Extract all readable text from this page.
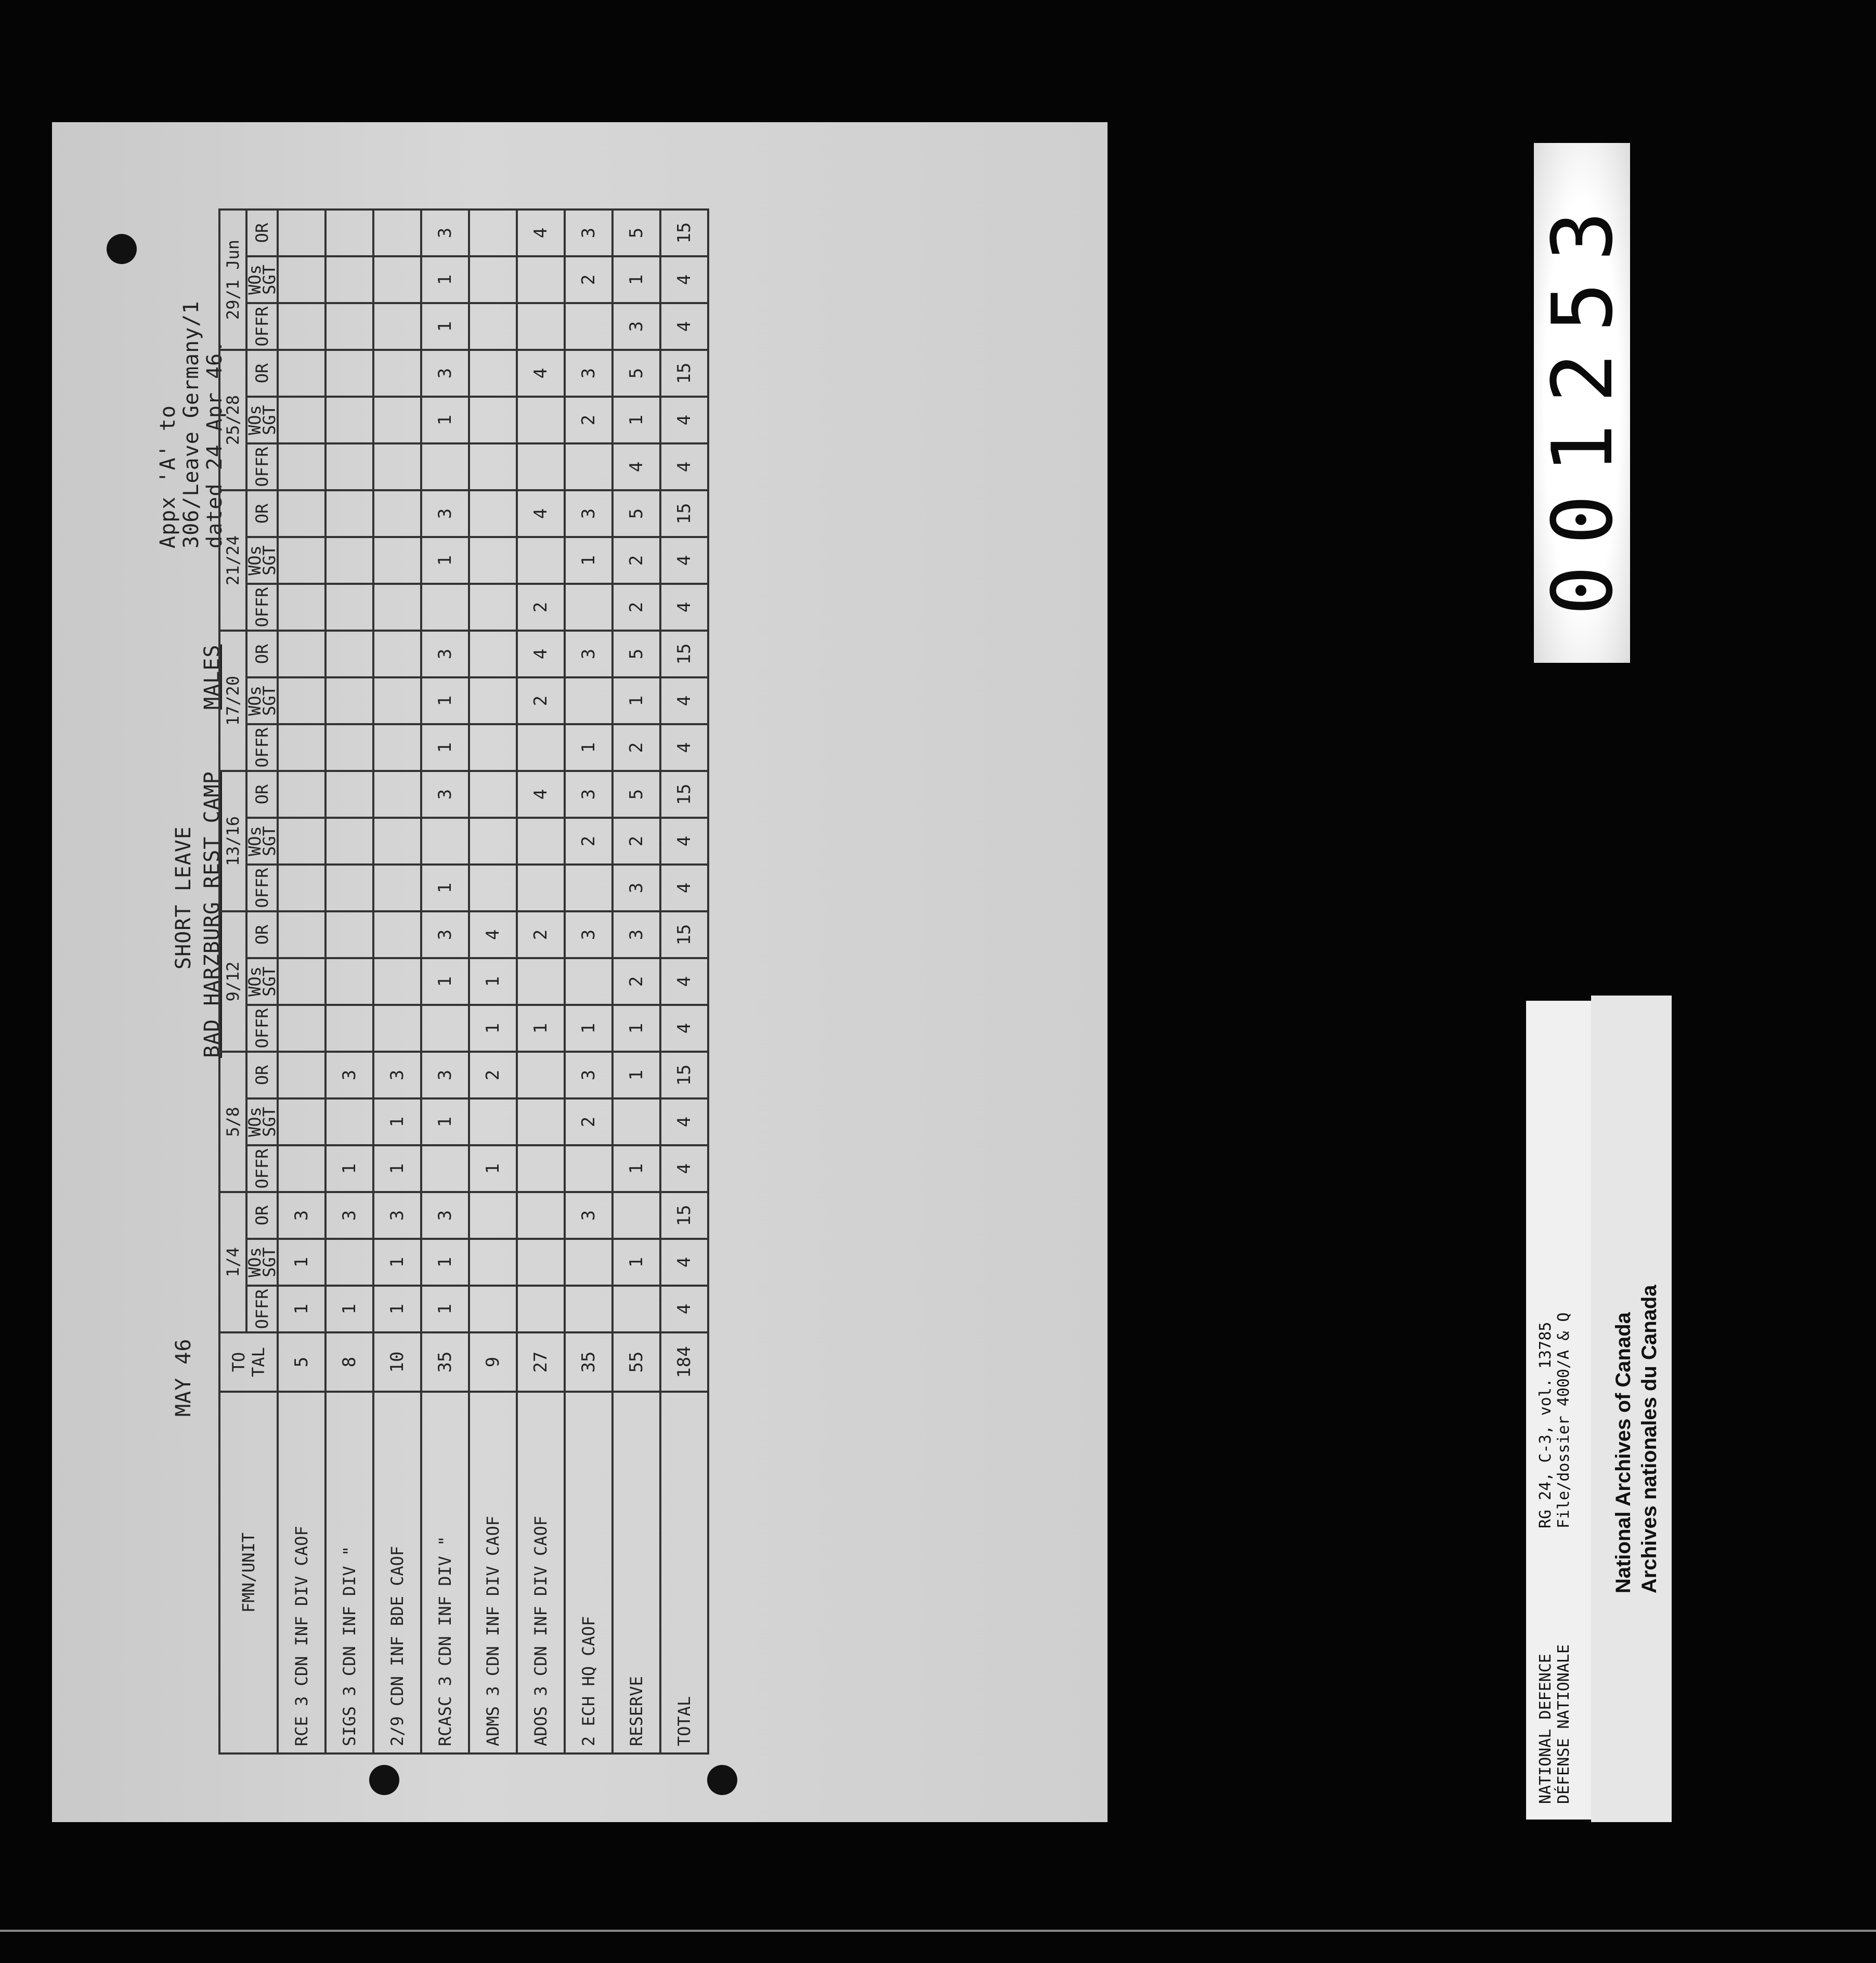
MAY 46
SHORT LEAVE BAD HARZBURG REST CAMP
MALES
Appx 'A' to 306/Leave Germany/1 dated 24 Apr 46.
FMN/UNIT	TO TAL	1/4			5/8			9/12			13/16			17/20			21/24			25/28			29/1 Jun		
		OFFR	WOs SGT	OR	OFFR	WOs SGT	OR	OFFR	WOs SGT	OR	OFFR	WOs SGT	OR	OFFR	WOs SGT	OR	OFFR	WOs SGT	OR	OFFR	WOs SGT	OR	OFFR	WOs SGT	OR
RCE 3 CDN INF DIV CAOF	5	1	1	3																					
SIGS 3 CDN INF DIV "	8	1		3	1		3																		
2/9 CDN INF BDE CAOF	10	1	1	3	1	1	3																		
RCASC 3 CDN INF DIV "	35	1	1	3		1	3		1	3	1		3	1	1	3		1	3		1	3	1	1	3
ADMS 3 CDN INF DIV CAOF	9				1		2	1	1	4															
ADOS 3 CDN INF DIV CAOF	27							1		2			4		2	4	2		4			4			4
2 ECH HQ CAOF	35			3		2	3	1		3		2	3	1		3		1	3		2	3		2	3
RESERVE	55		1		1		1	1	2	3	3	2	5	2	1	5	2	2	5	4	1	5	3	1	5
TOTAL	184	4	4	15	4	4	15	4	4	15	4	4	15	4	4	15	4	4	15	4	4	15	4	4	15	001253
NATIONAL DEFENCE DÉFENSE NATIONALE
RG 24, C-3, vol. 13785 File/dossier 4000/A & Q National Archives of Canada Archives nationales du Canada
